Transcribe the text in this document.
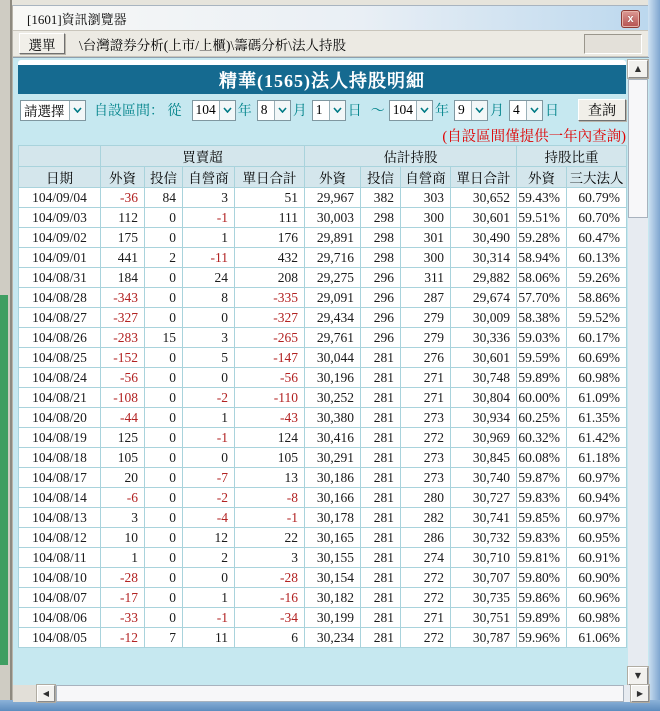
[1601]資訊瀏覽器	x
選單	\台灣證券分析(上市/上櫃)\籌碼分析\法人持股
精華(1565)法人持股明細
請選擇	自設區間： 從 104 年 8	月 1	日 ～ 104 年 9	月 4	日	查詢
(自設區間僅提供一年內查詢)
	買賣超				估計持股				持股比重	
日期	外資	投信	自營商	單日合計	外資	投信	自營商	單日合計	外資	三大法人
104/09/04	-36	84	3	51	29,967	382	303	30,652	59.43%	60.79%
104/09/03	112	0	-1	111	30,003	298	300	30,601	59.51%	60.70%
104/09/02	175	0	1	176	29,891	298	301	30,490	59.28%	60.47%
104/09/01	441	2	-11	432	29,716	298	300	30,314	58.94%	60.13%
104/08/31	184	0	24	208	29,275	296	311	29,882	58.06%	59.26%
104/08/28	-343	0	8	-335	29,091	296	287	29,674	57.70%	58.86%
104/08/27	-327	0	0	-327	29,434	296	279	30,009	58.38%	59.52%
104/08/26	-283	15	3	-265	29,761	296	279	30,336	59.03%	60.17%
104/08/25	-152	0	5	-147	30,044	281	276	30,601	59.59%	60.69%
104/08/24	-56	0	0	-56	30,196	281	271	30,748	59.89%	60.98%
104/08/21	-108	0	-2	-110	30,252	281	271	30,804	60.00%	61.09%
104/08/20	-44	0	1	-43	30,380	281	273	30,934	60.25%	61.35%
104/08/19	125	0	-1	124	30,416	281	272	30,969	60.32%	61.42%
104/08/18	105	0	0	105	30,291	281	273	30,845	60.08%	61.18%
104/08/17	20	0	-7	13	30,186	281	273	30,740	59.87%	60.97%
104/08/14	-6	0	-2	-8	30,166	281	280	30,727	59.83%	60.94%
104/08/13	3	0	-4	-1	30,178	281	282	30,741	59.85%	60.97%
104/08/12	10	0	12	22	30,165	281	286	30,732	59.83%	60.95%
104/08/11	1	0	2	3	30,155	281	274	30,710	59.81%	60.91%
104/08/10	-28	0	0	-28	30,154	281	272	30,707	59.80%	60.90%
104/08/07	-17	0	1	-16	30,182	281	272	30,735	59.86%	60.96%
104/08/06	-33	0	-1	-34	30,199	281	271	30,751	59.89%	60.98%
104/08/05	-12	7	11	6	30,234	281	272	30,787	59.96%	61.06%
▲
▼
◀	▶
